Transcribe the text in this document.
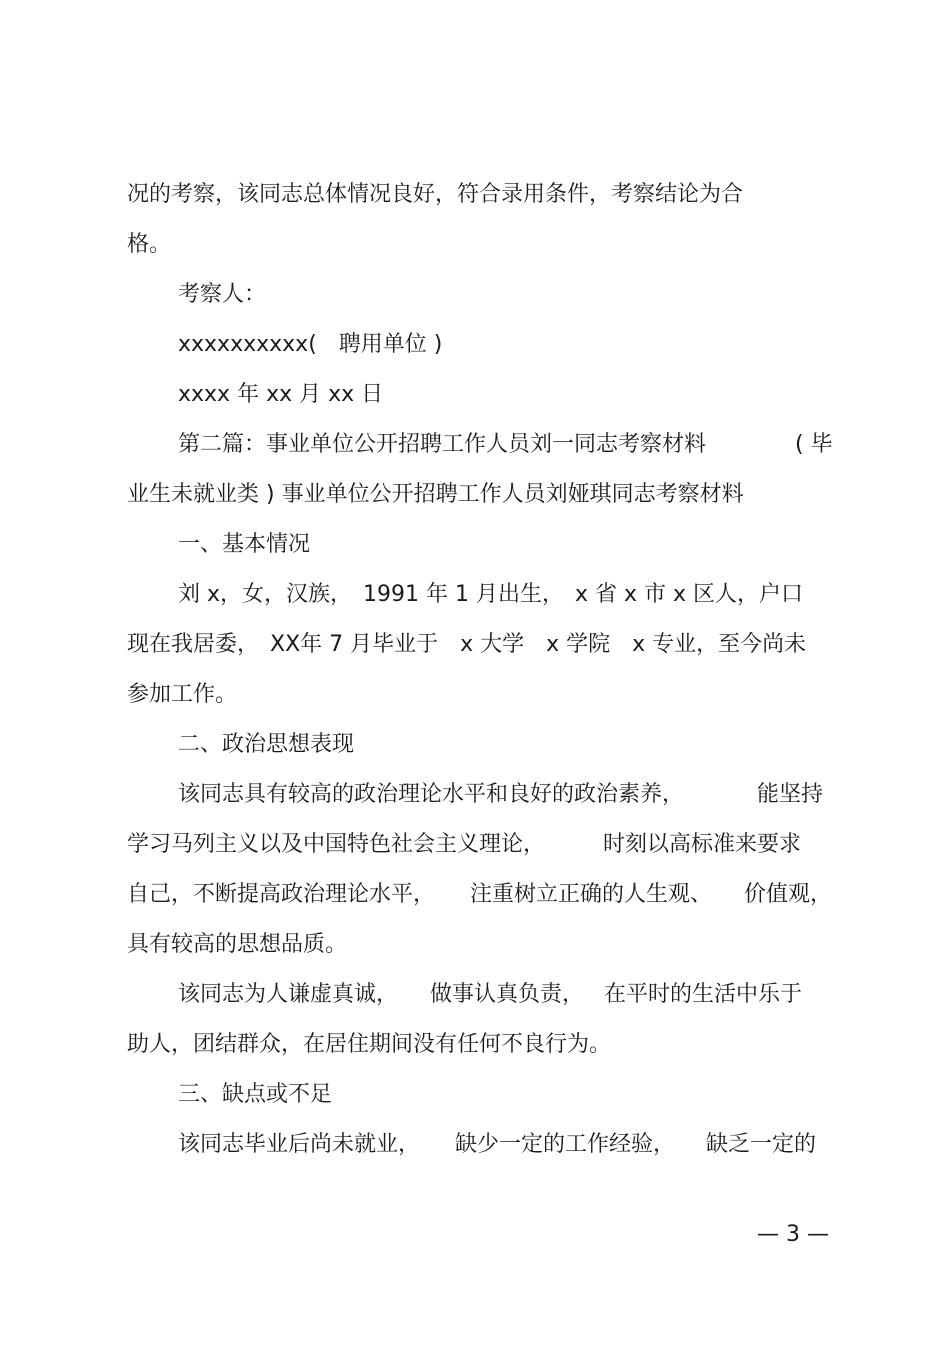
况的考察，该同志总体情况良好，符合录用条件，考察结论为合
格。
考察人：
xxxxxxxxxx(　聘用单位 )
xxxx 年 xx 月 xx 日
第二篇：事业单位公开招聘工作人员刘一同志考察材料	( 毕
业生未就业类 ) 事业单位公开招聘工作人员刘娅琪同志考察材料
一、基本情况
刘 x，女，汉族，　1991 年 1 月出生，　x 省 x 市 x 区人，户口
现在我居委，　XX年 7 月毕业于　x 大学　x 学院　x 专业，至今尚未
参加工作。
二、政治思想表现
该同志具有较高的政治理论水平和良好的政治素养，	能坚持
学习马列主义以及中国特色社会主义理论，	时刻以高标准来要求
自己，不断提高政治理论水平，	注重树立正确的人生观、 价值观，
具有较高的思想品质。
该同志为人谦虚真诚，	做事认真负责， 在平时的生活中乐于
助人，团结群众，在居住期间没有任何不良行为。
三、缺点或不足
该同志毕业后尚未就业，	缺少一定的工作经验， 缺乏一定的
— 3 —
